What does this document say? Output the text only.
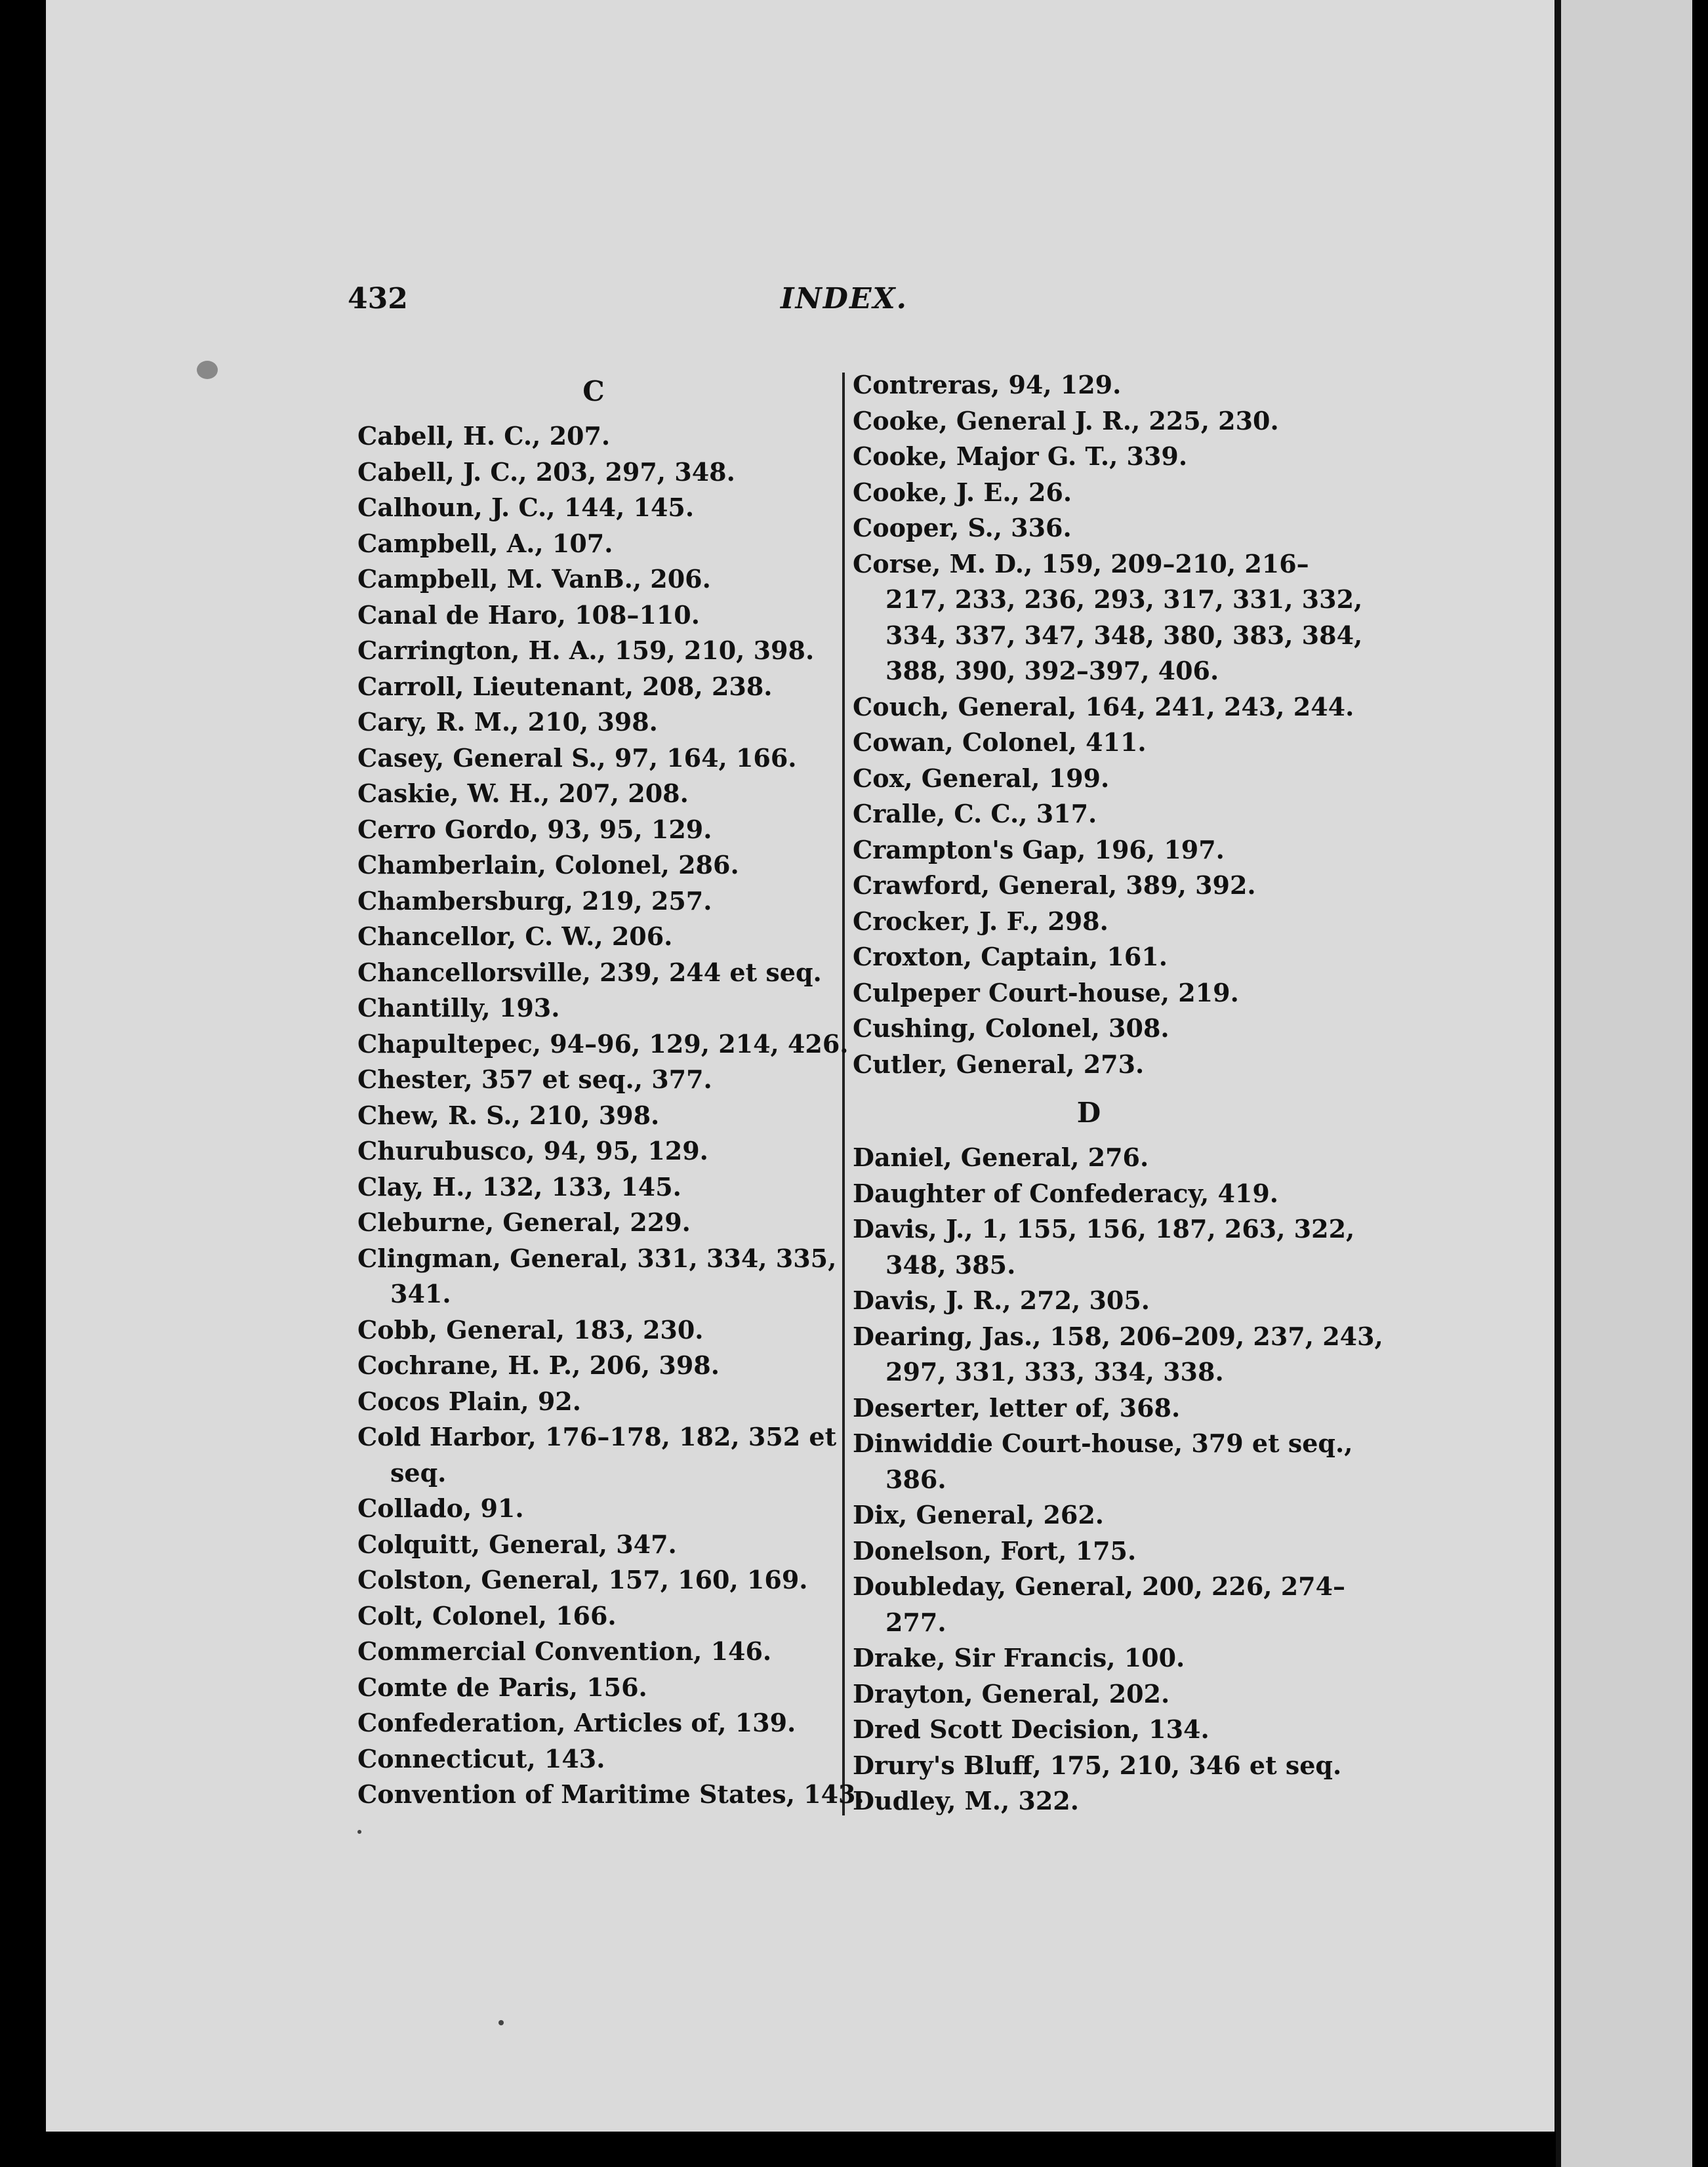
432	INDEX.
C
Cabell, H. C., 207.
Cabell, J. C., 203, 297, 348.
Calhoun, J. C., 144, 145.
Campbell, A., 107.
Campbell, M. VanB., 206.
Canal de Haro, 108–110.
Carrington, H. A., 159, 210, 398.
Carroll, Lieutenant, 208, 238.
Cary, R. M., 210, 398.
Casey, General S., 97, 164, 166.
Caskie, W. H., 207, 208.
Cerro Gordo, 93, 95, 129.
Chamberlain, Colonel, 286.
Chambersburg, 219, 257.
Chancellor, C. W., 206.
Chancellorsville, 239, 244 et seq.
Chantilly, 193.
Chapultepec, 94–96, 129, 214, 426.
Chester, 357 et seq., 377.
Chew, R. S., 210, 398.
Churubusco, 94, 95, 129.
Clay, H., 132, 133, 145.
Cleburne, General, 229.
Clingman, General, 331, 334, 335,
341.
Cobb, General, 183, 230.
Cochrane, H. P., 206, 398.
Cocos Plain, 92.
Cold Harbor, 176–178, 182, 352 et
seq.
Collado, 91.
Colquitt, General, 347.
Colston, General, 157, 160, 169.
Colt, Colonel, 166.
Commercial Convention, 146.
Comte de Paris, 156.
Confederation, Articles of, 139.
Connecticut, 143.
Convention of Maritime States, 143.
Contreras, 94, 129.
Cooke, General J. R., 225, 230.
Cooke, Major G. T., 339.
Cooke, J. E., 26.
Cooper, S., 336.
Corse, M. D., 159, 209–210, 216–
217, 233, 236, 293, 317, 331, 332,
334, 337, 347, 348, 380, 383, 384,
388, 390, 392–397, 406.
Couch, General, 164, 241, 243, 244.
Cowan, Colonel, 411.
Cox, General, 199.
Cralle, C. C., 317.
Crampton's Gap, 196, 197.
Crawford, General, 389, 392.
Crocker, J. F., 298.
Croxton, Captain, 161.
Culpeper Court-house, 219.
Cushing, Colonel, 308.
Cutler, General, 273.
D
Daniel, General, 276.
Daughter of Confederacy, 419.
Davis, J., 1, 155, 156, 187, 263, 322,
348, 385.
Davis, J. R., 272, 305.
Dearing, Jas., 158, 206–209, 237, 243,
297, 331, 333, 334, 338.
Deserter, letter of, 368.
Dinwiddie Court-house, 379 et seq.,
386.
Dix, General, 262.
Donelson, Fort, 175.
Doubleday, General, 200, 226, 274–
277.
Drake, Sir Francis, 100.
Drayton, General, 202.
Dred Scott Decision, 134.
Drury's Bluff, 175, 210, 346 et seq.
Dudley, M., 322.
